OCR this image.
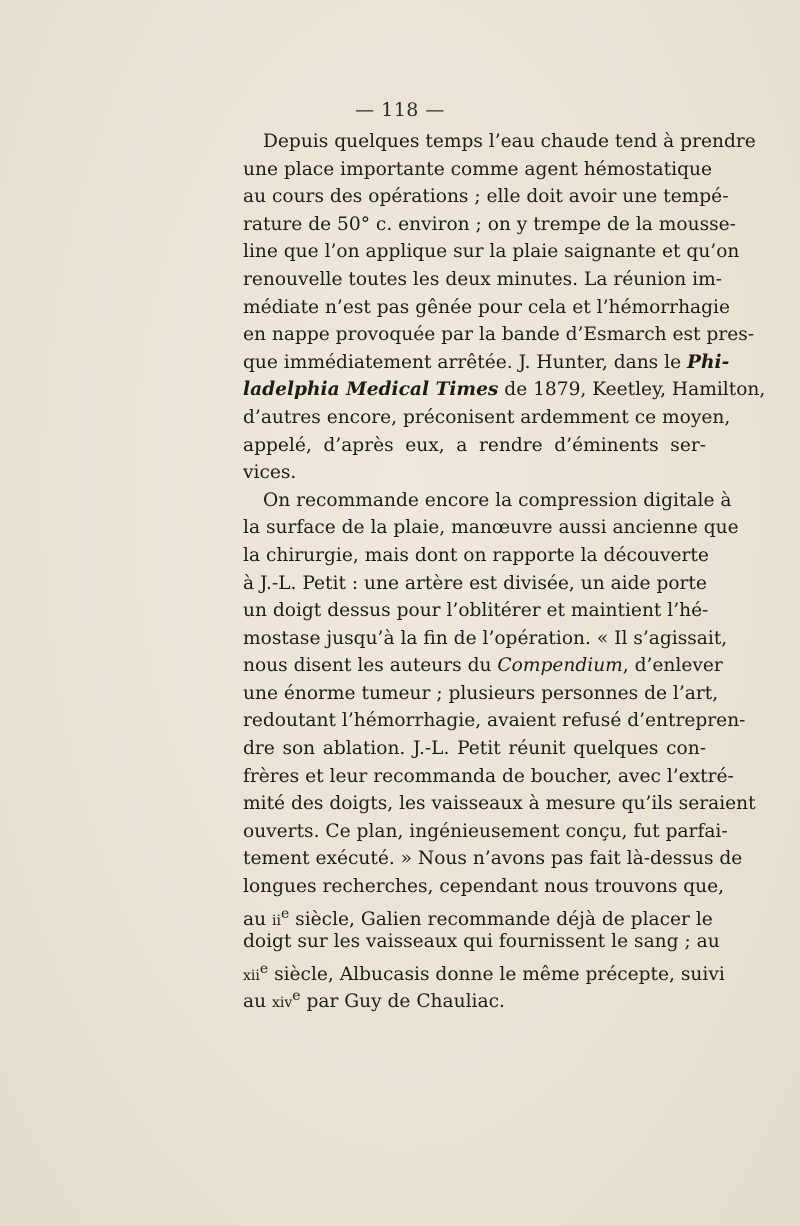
— 118 —
Depuis quelques temps l’eau chaude tend à prendre
une place importante comme agent hémostatique
au cours des opérations ; elle doit avoir une tempé-
rature de 50° c. environ ; on y trempe de la mousse-
line que l’on applique sur la plaie saignante et qu’on
renouvelle toutes les deux minutes. La réunion im-
médiate n’est pas gênée pour cela et l’hémorrhagie
en nappe provoquée par la bande d’Esmarch est pres-
que immédiatement arrêtée. J. Hunter, dans le Phi-
ladelphia Medical Times de 1879, Keetley, Hamilton,
d’autres encore, préconisent ardemment ce moyen,
appelé, d’après eux, a rendre d’éminents ser-
vices.
On recommande encore la compression digitale à
la surface de la plaie, manœuvre aussi ancienne que
la chirurgie, mais dont on rapporte la découverte
à J.-L. Petit : une artère est divisée, un aide porte
un doigt dessus pour l’oblitérer et maintient l’hé-
mostase jusqu’à la fin de l’opération. « Il s’agissait,
nous disent les auteurs du Compendium, d’enlever
une énorme tumeur ; plusieurs personnes de l’art,
redoutant l’hémorrhagie, avaient refusé d’entrepren-
dre son ablation. J.-L. Petit réunit quelques con-
frères et leur recommanda de boucher, avec l’extré-
mité des doigts, les vaisseaux à mesure qu’ils seraient
ouverts. Ce plan, ingénieusement conçu, fut parfai-
tement exécuté. » Nous n’avons pas fait là-dessus de
longues recherches, cependant nous trouvons que,
au $ii^e$ siècle, Galien recommande déjà de placer le
doigt sur les vaisseaux qui fournissent le sang ; au
xii$^e$ siècle, Albucasis donne le même précepte, suivi
au xiv$^e$ par Guy de Chauliac.
